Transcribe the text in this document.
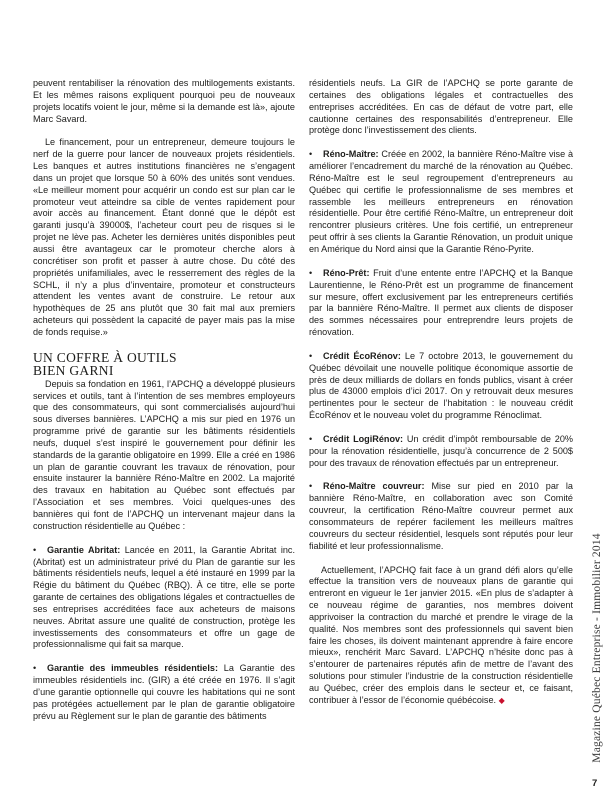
peuvent rentabiliser la rénovation des multilogements existants. Et les mêmes raisons expliquent pourquoi peu de nouveaux projets locatifs voient le jour, même si la demande est là», ajoute Marc Savard.

Le financement, pour un entrepreneur, demeure toujours le nerf de la guerre pour lancer de nouveaux projets résidentiels. Les banques et autres institutions financières ne s’engagent dans un projet que lorsque 50 à 60% des unités sont vendues. «Le meilleur moment pour acquérir un condo est sur plan car le promoteur veut atteindre sa cible de ventes rapidement pour avoir accès au financement. Étant donné que le dépôt est garanti jusqu’à 39000$, l’acheteur court peu de risques si le projet ne lève pas. Acheter les dernières unités disponibles peut aussi être avantageux car le promoteur cherche alors à concrétiser son profit et passer à autre chose. Du côté des propriétés unifamiliales, avec le resserrement des règles de la SCHL, il n’y a plus d’inventaire, promoteur et constructeurs attendent les ventes avant de construire. Le retour aux hypothèques de 25 ans plutôt que 30 fait mal aux premiers acheteurs qui possèdent la capacité de payer mais pas la mise de fonds requise.»

UN COFFRE À OUTILS
BIEN GARNI

Depuis sa fondation en 1961, l’APCHQ a développé plusieurs services et outils, tant à l’intention de ses membres employeurs que des consommateurs, qui sont commercialisés aujourd’hui sous diverses bannières. L’APCHQ a mis sur pied en 1976 un programme privé de garantie sur les bâtiments résidentiels neufs, duquel s’est inspiré le gouvernement pour définir les standards de la garantie obligatoire en 1999. Elle a créé en 1986 un plan de garantie couvrant les travaux de rénovation, pour ensuite instaurer la bannière Réno-Maître en 2002. La majorité des travaux en habitation au Québec sont effectués par l’Association et ses membres. Voici quelques-unes des bannières qui font de l’APCHQ un intervenant majeur dans la construction résidentielle au Québec :

• Garantie Abritat: Lancée en 2011, la Garantie Abritat inc. (Abritat) est un administrateur privé du Plan de garantie sur les bâtiments résidentiels neufs, lequel a été instauré en 1999 par la Régie du bâtiment du Québec (RBQ). À ce titre, elle se porte garante de certaines des obligations légales et contractuelles de ses entreprises accréditées face aux acheteurs de maisons neuves. Abritat assure une qualité de construction, protège les investissements des consommateurs et offre un gage de professionnalisme qui fait sa marque.

• Garantie des immeubles résidentiels: La Garantie des immeubles résidentiels inc. (GIR) a été créée en 1976. Il s’agit d’une garantie optionnelle qui couvre les habitations qui ne sont pas protégées actuellement par le plan de garantie obligatoire prévu au Règlement sur le plan de garantie des bâtiments

résidentiels neufs. La GIR de l’APCHQ se porte garante de certaines des obligations légales et contractuelles des entreprises accréditées. En cas de défaut de votre part, elle cautionne certaines des responsabilités d’entrepreneur. Elle protège donc l’investissement des clients.

• Réno-Maître: Créée en 2002, la bannière Réno-Maître vise à améliorer l’encadrement du marché de la rénovation au Québec. Réno-Maître est le seul regroupement d’entrepreneurs au Québec qui certifie le professionnalisme de ses membres et rassemble les meilleurs entrepreneurs en rénovation résidentielle. Pour être certifié Réno-Maître, un entrepreneur doit rencontrer plusieurs critères. Une fois certifié, un entrepreneur peut offrir à ses clients la Garantie Rénovation, un produit unique en Amérique du Nord ainsi que la Garantie Réno-Pyrite.

• Réno-Prêt: Fruit d’une entente entre l’APCHQ et la Banque Laurentienne, le Réno-Prêt est un programme de financement sur mesure, offert exclusivement par les entrepreneurs certifiés par la bannière Réno-Maître. Il permet aux clients de disposer des sommes nécessaires pour entreprendre leurs projets de rénovation.

• Crédit ÉcoRénov: Le 7 octobre 2013, le gouvernement du Québec dévoilait une nouvelle politique économique assortie de près de deux milliards de dollars en fonds publics, visant à créer plus de 43000 emplois d’ici 2017. On y retrouvait deux mesures pertinentes pour le secteur de l’habitation : le nouveau crédit ÉcoRénov et le nouveau volet du programme Rénoclimat.

• Crédit LogiRénov: Un crédit d’impôt remboursable de 20% pour la rénovation résidentielle, jusqu’à concurrence de 2 500$ pour des travaux de rénovation effectués par un entrepreneur.

• Réno-Maître couvreur: Mise sur pied en 2010 par la bannière Réno-Maître, en collaboration avec son Comité couvreur, la certification Réno-Maître couvreur permet aux consommateurs de repérer facilement les meilleurs maîtres couvreurs du secteur résidentiel, lesquels sont réputés pour leur fiabilité et leur professionnalisme.

Actuellement, l’APCHQ fait face à un grand défi alors qu’elle effectue la transition vers de nouveaux plans de garantie qui entreront en vigueur le 1er janvier 2015. «En plus de s’adapter à ce nouveau régime de garanties, nos membres doivent apprivoiser la contraction du marché et prendre le virage de la qualité. Nos membres sont des professionnels qui savent bien faire les choses, ils doivent maintenant apprendre à faire encore mieux», renchérit Marc Savard. L’APCHQ n’hésite donc pas à s’entourer de partenaires réputés afin de mettre de l’avant des solutions pour stimuler l’industrie de la construction résidentielle au Québec, créer des emplois dans le secteur et, ce faisant, contribuer à l’essor de l’économie québécoise. ◆	Magazine Québec Entreprise - Immobilier 2014
7
